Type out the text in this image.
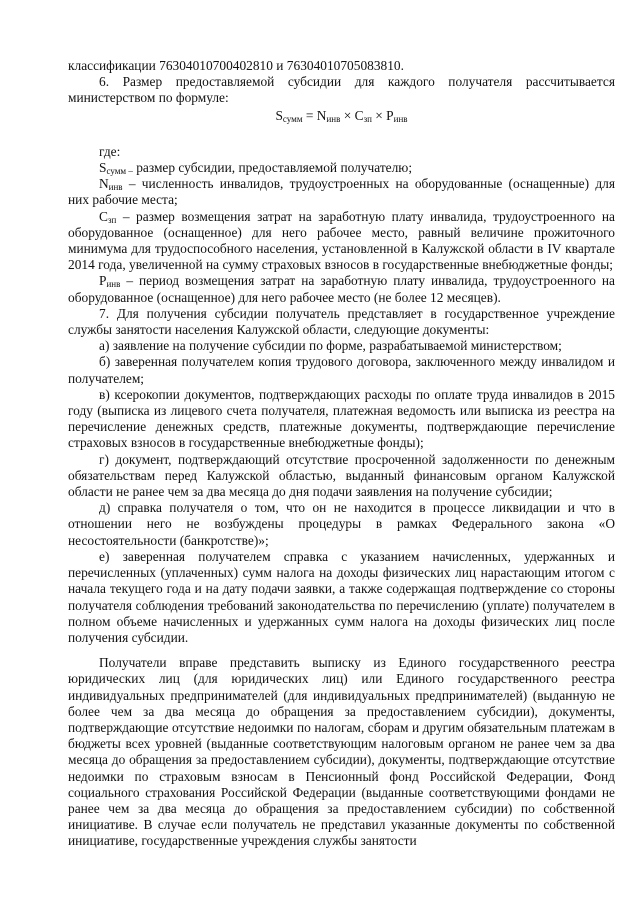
классификации 76304010700402810 и 76304010705083810.

6. Размер предоставляемой субсидии для каждого получателя рассчитывается министерством по формуле:

$S_{сумм} = N_{инв} \times C_{зп} \times P_{инв}$

где:

$S_{сумм -}$ размер субсидии, предоставляемой получателю;

$N_{инв}$ – численность инвалидов, трудоустроенных на оборудованные (оснащенные) для них рабочие места;

$C_{зп}$ – размер возмещения затрат на заработную плату инвалида, трудоустроенного на оборудованное (оснащенное) для него рабочее место, равный величине прожиточного минимума для трудоспособного населения, установленной в Калужской области в IV квартале 2014 года, увеличенной на сумму страховых взносов в государственные внебюджетные фонды;

$P_{инв}$ – период возмещения затрат на заработную плату инвалида, трудоустроенного на оборудованное (оснащенное) для него рабочее место (не более 12 месяцев).

7. Для получения субсидии получатель представляет в государственное учреждение службы занятости населения Калужской области, следующие документы:

а) заявление на получение субсидии по форме, разрабатываемой министерством;

б) заверенная получателем копия трудового договора, заключенного между инвалидом и получателем;

в) ксерокопии документов, подтверждающих расходы по оплате труда инвалидов в 2015 году (выписка из лицевого счета получателя, платежная ведомость или выписка из реестра на перечисление денежных средств, платежные документы, подтверждающие перечисление страховых взносов в государственные внебюджетные фонды);

г) документ, подтверждающий отсутствие просроченной задолженности по денежным обязательствам перед Калужской областью, выданный финансовым органом Калужской области не ранее чем за два месяца до дня подачи заявления на получение субсидии;

д) справка получателя о том, что он не находится в процессе ликвидации и что в отношении него не возбуждены процедуры в рамках Федерального закона «О несостоятельности (банкротстве)»;

е) заверенная получателем справка с указанием начисленных, удержанных и перечисленных (уплаченных) сумм налога на доходы физических лиц нарастающим итогом с начала текущего года и на дату подачи заявки, а также содержащая подтверждение со стороны получателя соблюдения требований законодательства по перечислению (уплате) получателем в полном объеме начисленных и удержанных сумм налога на доходы физических лиц после получения субсидии.

Получатели вправе представить выписку из Единого государственного реестра юридических лиц (для юридических лиц) или Единого государственного реестра индивидуальных предпринимателей (для индивидуальных предпринимателей) (выданную не более чем за два месяца до обращения за предоставлением субсидии), документы, подтверждающие отсутствие недоимки по налогам, сборам и другим обязательным платежам в бюджеты всех уровней (выданные соответствующим налоговым органом не ранее чем за два месяца до обращения за предоставлением субсидии), документы, подтверждающие отсутствие недоимки по страховым взносам в Пенсионный фонд Российской Федерации, Фонд социального страхования Российской Федерации (выданные соответствующими фондами не ранее чем за два месяца до обращения за предоставлением субсидии) по собственной инициативе. В случае если получатель не представил указанные документы по собственной инициативе, государственные учреждения службы занятости
